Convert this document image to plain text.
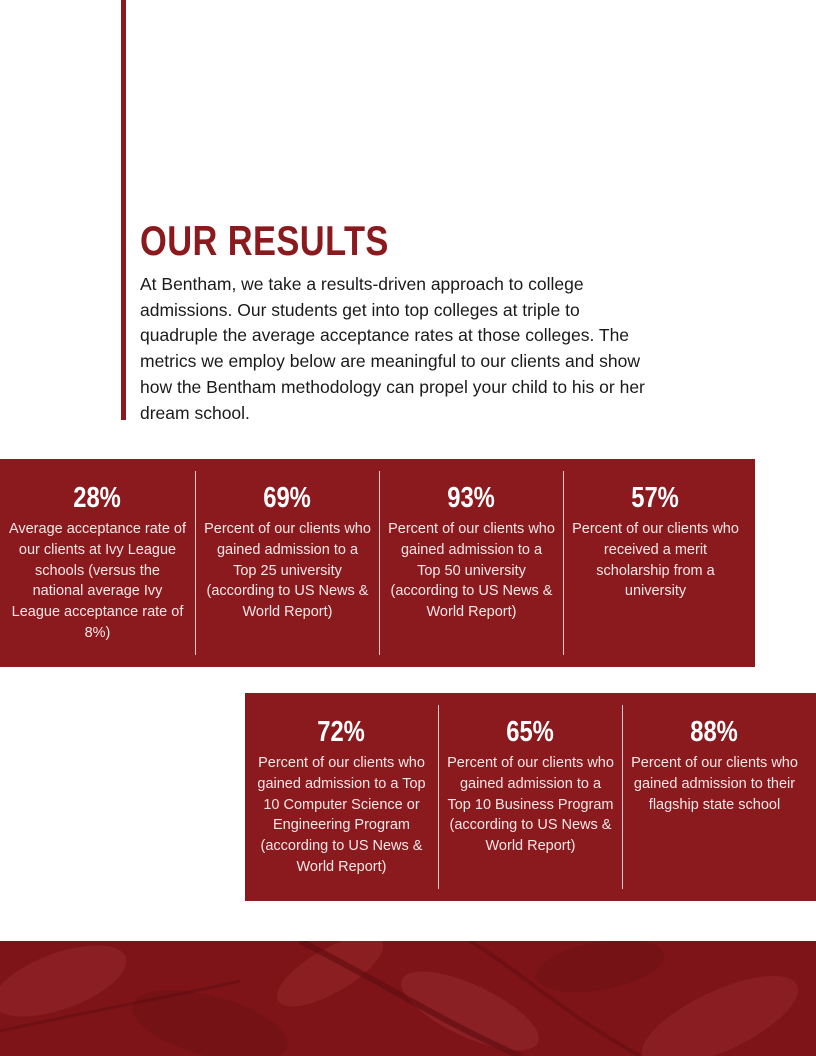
OUR RESULTS

At Bentham, we take a results-driven approach to college admissions. Our students get into top colleges at triple to quadruple the average acceptance rates at those colleges. The metrics we employ below are meaningful to our clients and show how the Bentham methodology can propel your child to his or her dream school.

28%
Average acceptance rate of our clients at Ivy League schools (versus the national average Ivy League acceptance rate of 8%)
69%
Percent of our clients who gained admission to a Top 25 university (according to US News & World Report)
93%
Percent of our clients who gained admission to a Top 50 university (according to US News & World Report)
57%
Percent of our clients who received a merit scholarship from a university
72%
Percent of our clients who gained admission to a Top 10 Computer Science or Engineering Program (according to US News & World Report)
65%
Percent of our clients who gained admission to a Top 10 Business Program (according to US News & World Report)
88%
Percent of our clients who gained admission to their flagship state school
